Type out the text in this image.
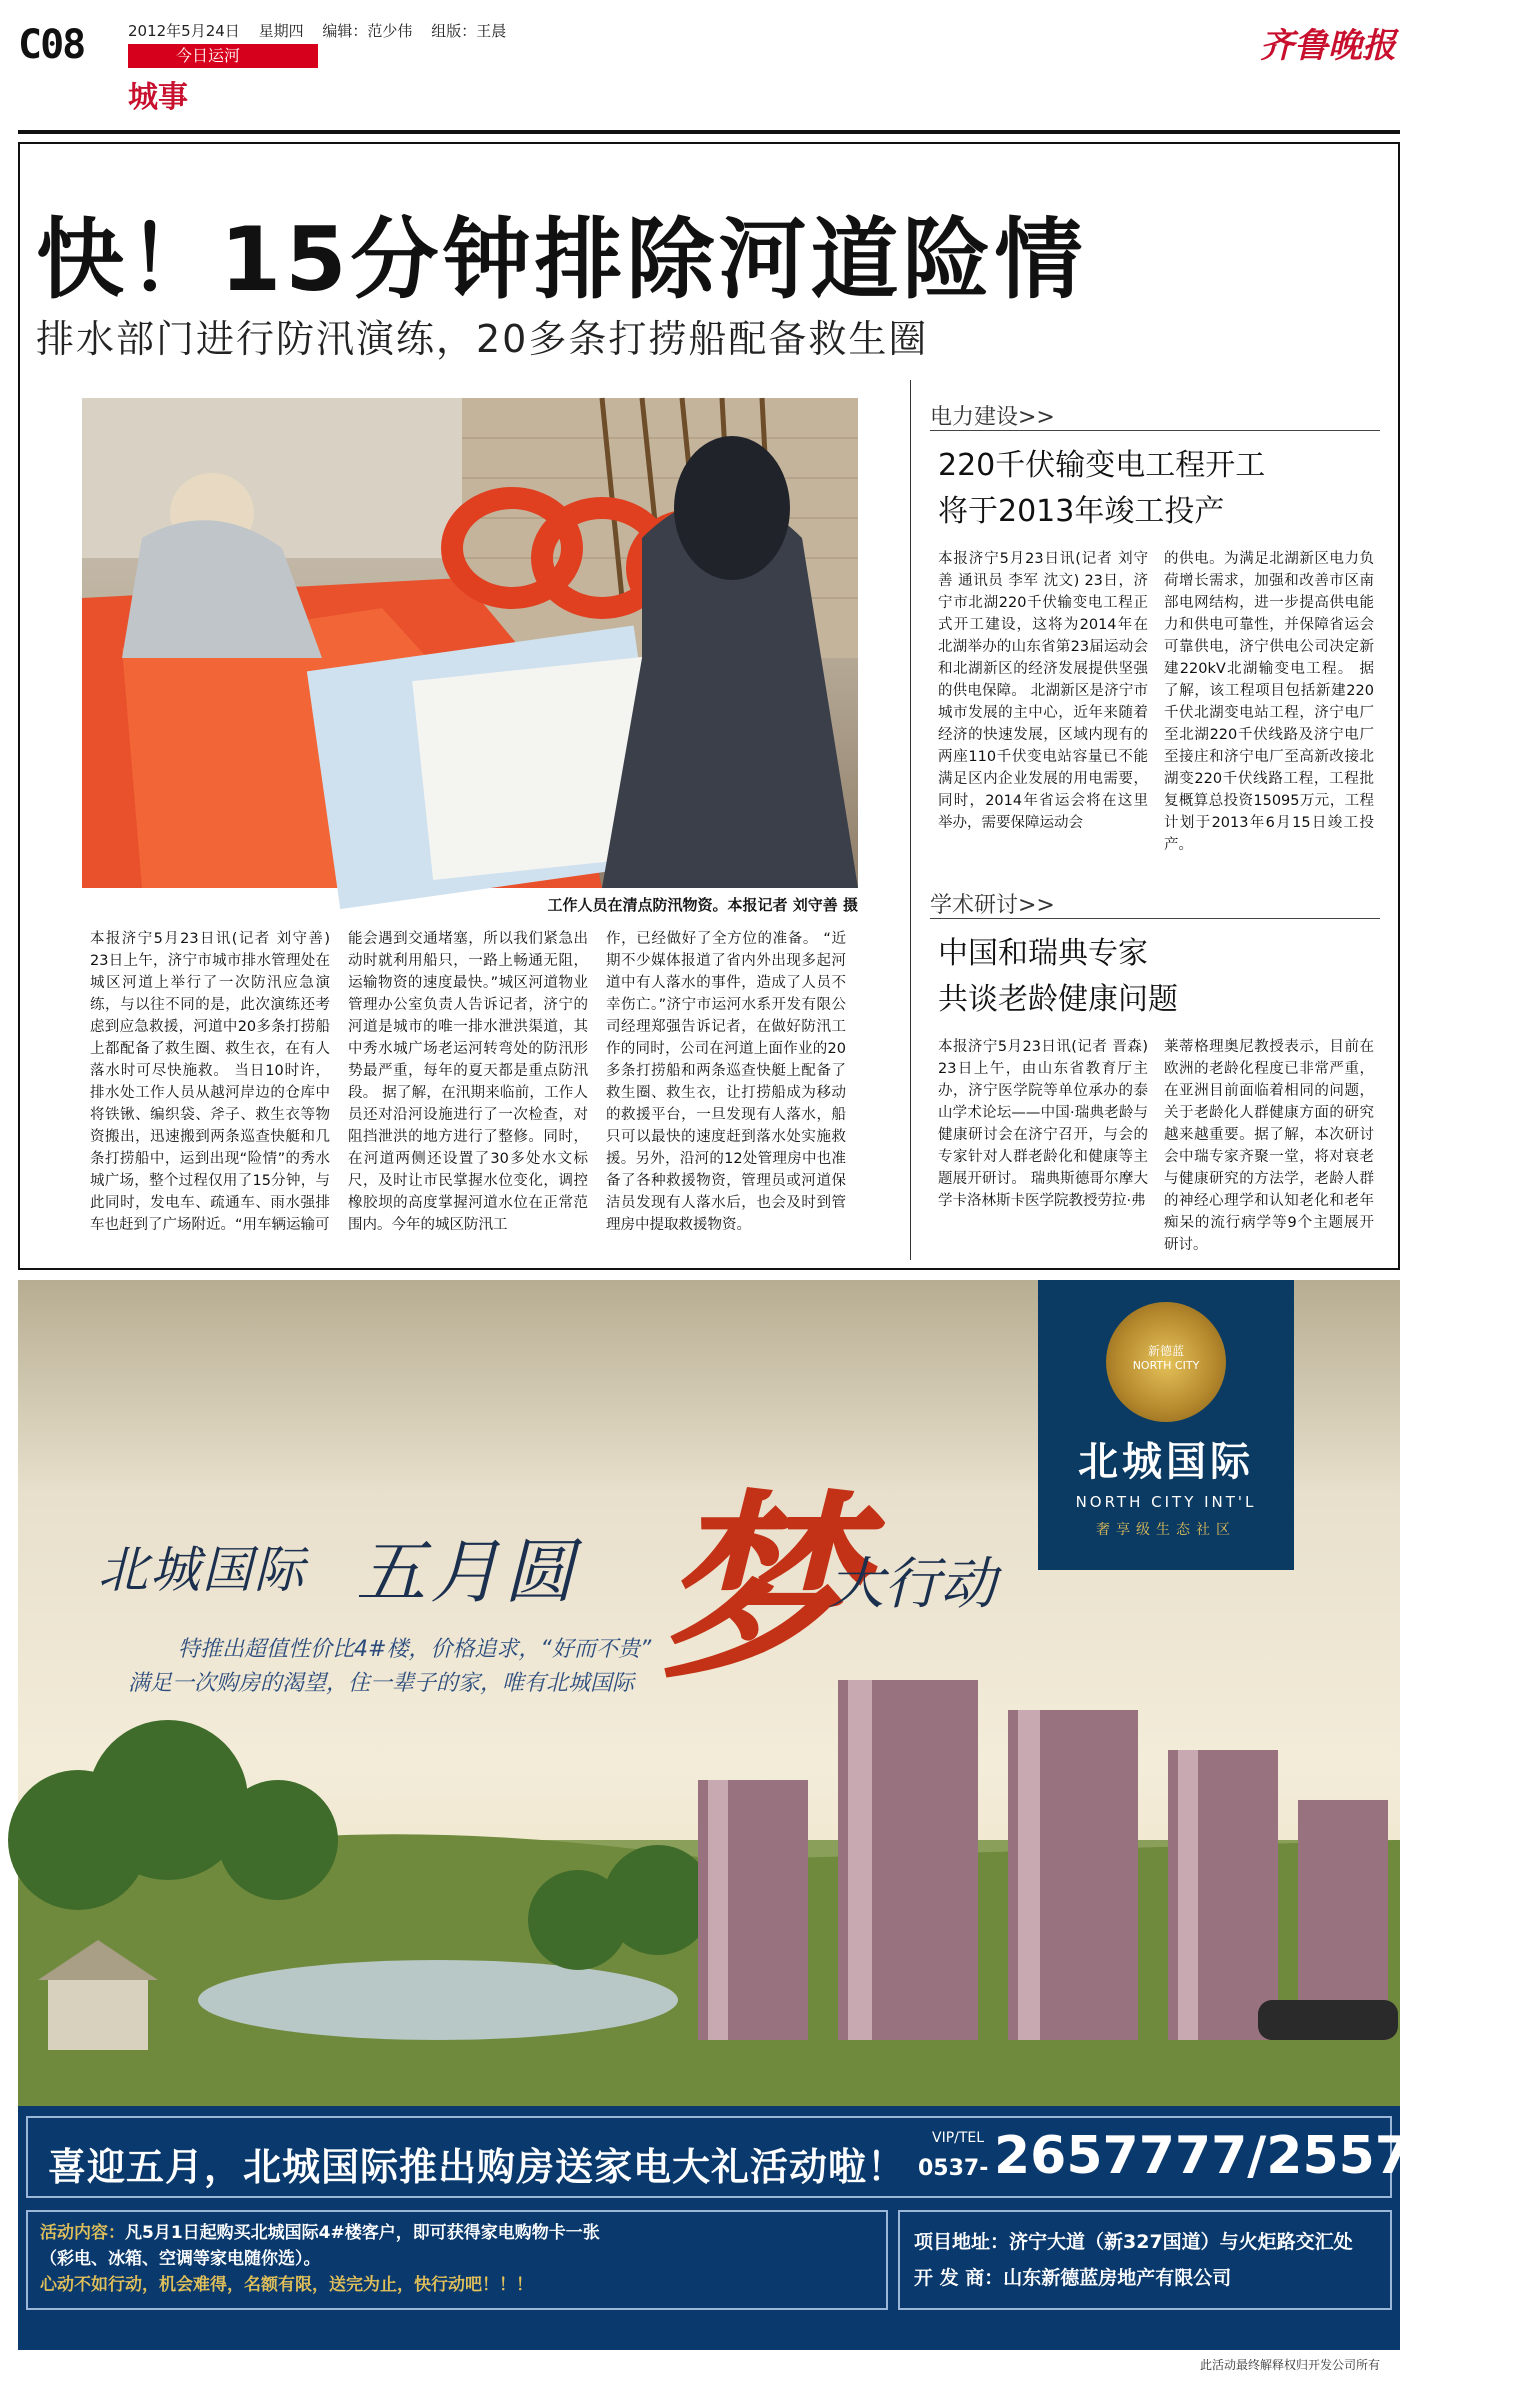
C08	2012年5月24日 星期四 编辑：范少伟 组版：王晨
今日运河
城事
齐鲁晚报
快！15分钟排除河道险情
排水部门进行防汛演练，20多条打捞船配备救生圈
工作人员在清点防汛物资。本报记者 刘守善 摄
本报济宁5月23日讯(记者 刘守善) 23日上午，济宁市城市排水管理处在城区河道上举行了一次防汛应急演练，与以往不同的是，此次演练还考虑到应急救援，河道中20多条打捞船上都配备了救生圈、救生衣，在有人落水时可尽快施救。 当日10时许，排水处工作人员从越河岸边的仓库中将铁锹、编织袋、斧子、救生衣等物资搬出，迅速搬到两条巡查快艇和几条打捞船中，运到出现“险情”的秀水城广场，整个过程仅用了15分钟，与此同时，发电车、疏通车、雨水强排车也赶到了广场附近。“用车辆运输可
能会遇到交通堵塞，所以我们紧急出动时就利用船只，一路上畅通无阻，运输物资的速度最快。”城区河道物业管理办公室负责人告诉记者，济宁的河道是城市的唯一排水泄洪渠道，其中秀水城广场老运河转弯处的防汛形势最严重，每年的夏天都是重点防汛段。 据了解，在汛期来临前，工作人员还对沿河设施进行了一次检查，对阻挡泄洪的地方进行了整修。同时，在河道两侧还设置了30多处水文标尺，及时让市民掌握水位变化，调控橡胶坝的高度掌握河道水位在正常范围内。今年的城区防汛工
作，已经做好了全方位的准备。 “近期不少媒体报道了省内外出现多起河道中有人落水的事件，造成了人员不幸伤亡。”济宁市运河水系开发有限公司经理郑强告诉记者，在做好防汛工作的同时，公司在河道上面作业的20多条打捞船和两条巡查快艇上配备了救生圈、救生衣，让打捞船成为移动的救援平台，一旦发现有人落水，船只可以最快的速度赶到落水处实施救援。另外，沿河的12处管理房中也准备了各种救援物资，管理员或河道保洁员发现有人落水后，也会及时到管理房中提取救援物资。
电力建设>>
220千伏输变电工程开工
将于2013年竣工投产
本报济宁5月23日讯(记者 刘守善 通讯员 李军 沈文) 23日，济宁市北湖220千伏输变电工程正式开工建设，这将为2014年在北湖举办的山东省第23届运动会和北湖新区的经济发展提供坚强的供电保障。 北湖新区是济宁市城市发展的主中心，近年来随着经济的快速发展，区域内现有的两座110千伏变电站容量已不能满足区内企业发展的用电需要，同时，2014年省运会将在这里举办，需要保障运动会
的供电。为满足北湖新区电力负荷增长需求，加强和改善市区南部电网结构，进一步提高供电能力和供电可靠性，并保障省运会可靠供电，济宁供电公司决定新建220kV北湖输变电工程。 据了解，该工程项目包括新建220千伏北湖变电站工程，济宁电厂至北湖220千伏线路及济宁电厂至接庄和济宁电厂至高新改接北湖变220千伏线路工程，工程批复概算总投资15095万元，工程计划于2013年6月15日竣工投产。
学术研讨>>
中国和瑞典专家
共谈老龄健康问题
本报济宁5月23日讯(记者 晋森) 23日上午，由山东省教育厅主办，济宁医学院等单位承办的泰山学术论坛——中国·瑞典老龄与健康研讨会在济宁召开，与会的专家针对人群老龄化和健康等主题展开研讨。 瑞典斯德哥尔摩大学卡洛林斯卡医学院教授劳拉·弗
莱蒂格理奥尼教授表示，目前在欧洲的老龄化程度已非常严重，在亚洲目前面临着相同的问题，关于老龄化人群健康方面的研究越来越重要。据了解，本次研讨会中瑞专家齐聚一堂，将对衰老与健康研究的方法学，老龄人群的神经心理学和认知老化和老年痴呆的流行病学等9个主题展开研讨。
新德蓝
NORTH CITY
北城国际
NORTH CITY INT'L
奢享级生态社区
北城国际 五月圆 梦
大行动
特推出超值性价比4#楼，价格追求，“好而不贵”
满足一次购房的渴望，住一辈子的家，唯有北城国际
喜迎五月，北城国际推出购房送家电大礼活动啦！
VIP/TEL
0537- 2657777/2557777
活动内容：凡5月1日起购买北城国际4#楼客户，即可获得家电购物卡一张
（彩电、冰箱、空调等家电随你选）。
心动不如行动，机会难得，名额有限，送完为止，快行动吧！！！
项目地址：济宁大道（新327国道）与火炬路交汇处
开 发 商：山东新德蓝房地产有限公司
此活动最终解释权归开发公司所有
